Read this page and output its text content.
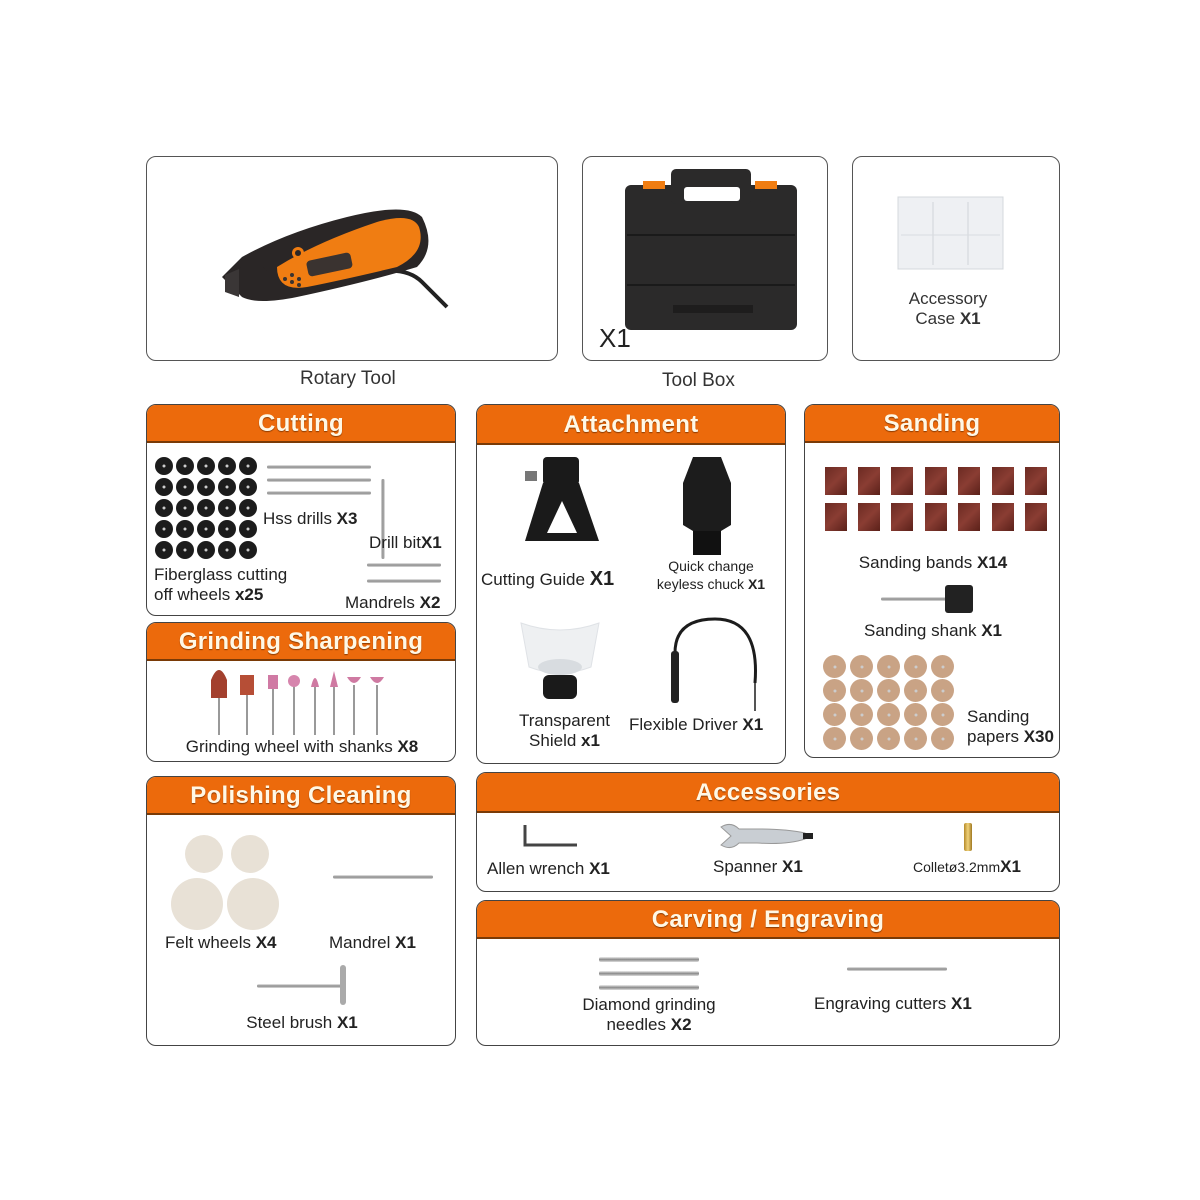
Rotary Tool
X1
Tool Box
Accessory
Case X1
Cutting
Hss drills X3
Drill bitX1
Fiberglass cutting
off wheels x25	Mandrels X2
Grinding Sharpening
Grinding wheel with shanks X8
Polishing Cleaning
Felt wheels X4	Mandrel X1
Steel brush X1
Attachment
Cutting Guide X1
Quick change
keyless chuck X1
Transparent
Shield x1
Flexible Driver X1
Sanding
Sanding bands X14
Sanding shank X1
Sanding
papers X30
Accessories
Allen wrench X1	Spanner X1	Colletø3.2mmX1
Carving / Engraving
Diamond grinding
needles X2
Engraving cutters X1
